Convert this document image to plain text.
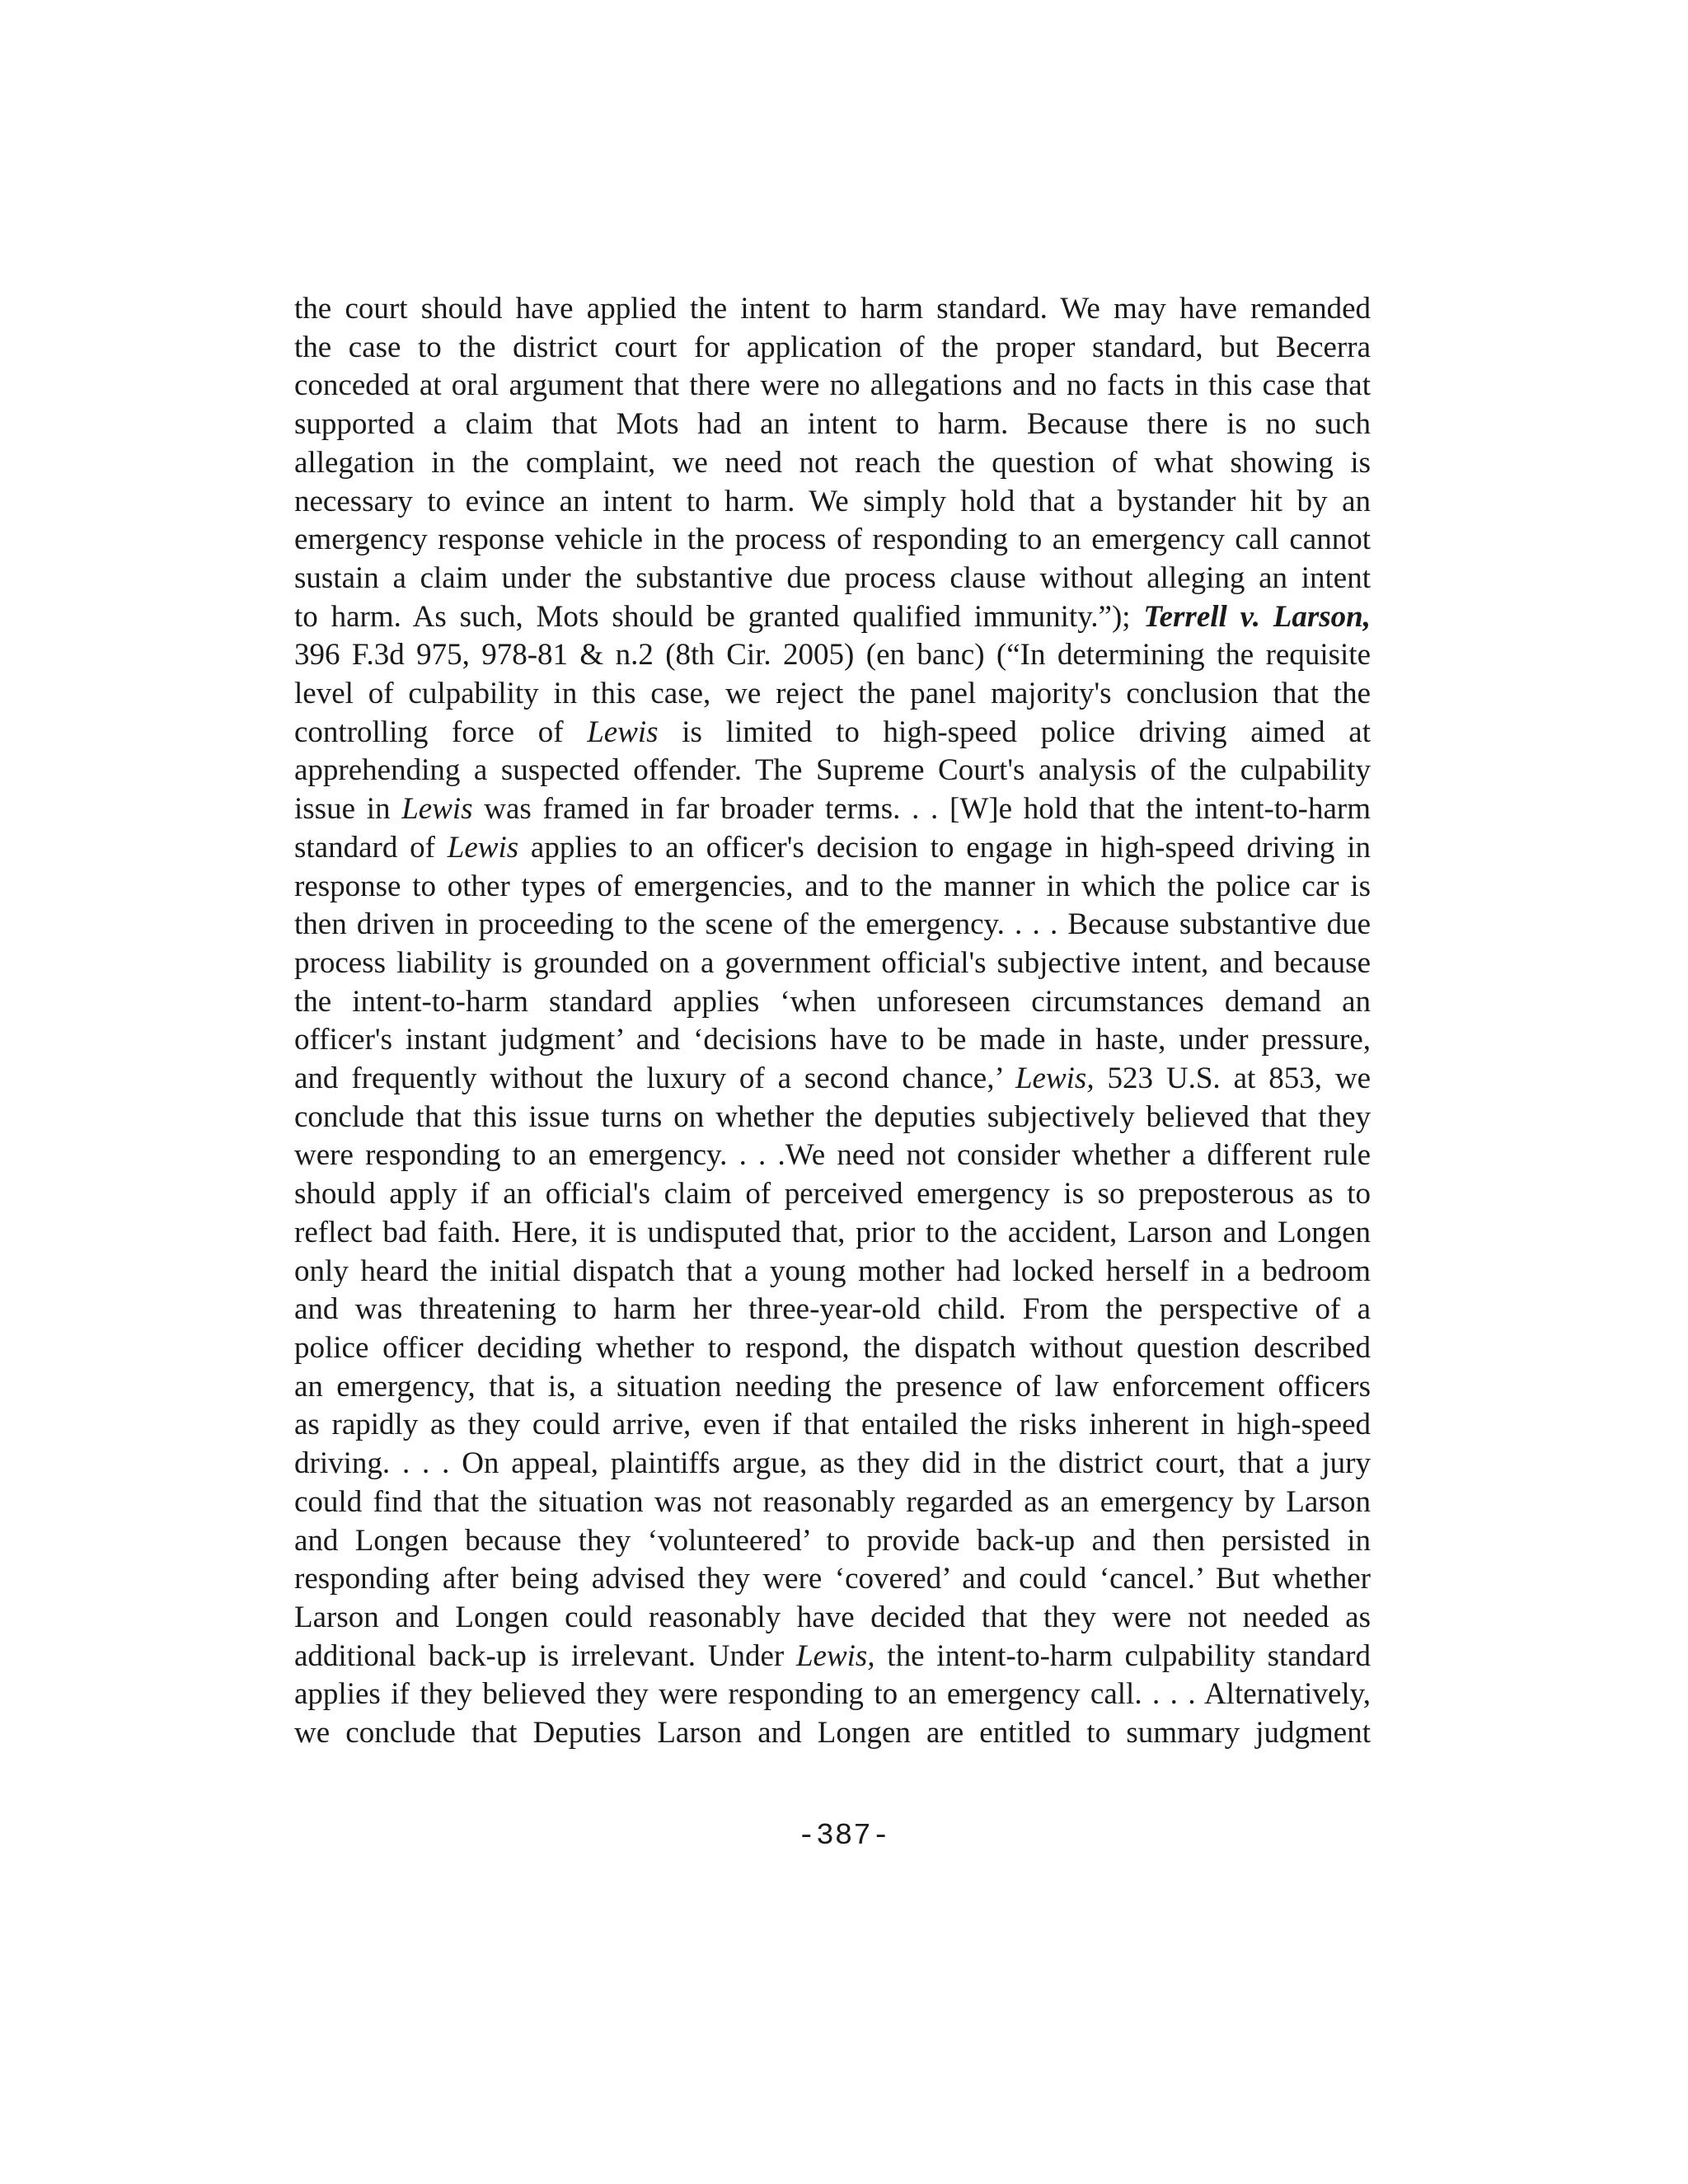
the court should have applied the intent to harm standard. We may have remanded
the case to the district court for application of the proper standard, but Becerra
conceded at oral argument that there were no allegations and no facts in this case that
supported a claim that Mots had an intent to harm. Because there is no such
allegation in the complaint, we need not reach the question of what showing is
necessary to evince an intent to harm. We simply hold that a bystander hit by an
emergency response vehicle in the process of responding to an emergency call cannot
sustain a claim under the substantive due process clause without alleging an intent
to harm. As such, Mots should be granted qualified immunity.”); Terrell v. Larson,
396 F.3d 975, 978-81 & n.2 (8th Cir. 2005) (en banc) (“In determining the requisite
level of culpability in this case, we reject the panel majority's conclusion that the
controlling force of Lewis is limited to high-speed police driving aimed at
apprehending a suspected offender. The Supreme Court's analysis of the culpability
issue in Lewis was framed in far broader terms. . . [W]e hold that the intent-to-harm
standard of Lewis applies to an officer's decision to engage in high-speed driving in
response to other types of emergencies, and to the manner in which the police car is
then driven in proceeding to the scene of the emergency. . . . Because substantive due
process liability is grounded on a government official's subjective intent, and because
the intent-to-harm standard applies ‘when unforeseen circumstances demand an
officer's instant judgment’ and ‘decisions have to be made in haste, under pressure,
and frequently without the luxury of a second chance,’ Lewis, 523 U.S. at 853, we
conclude that this issue turns on whether the deputies subjectively believed that they
were responding to an emergency. . . .We need not consider whether a different rule
should apply if an official's claim of perceived emergency is so preposterous as to
reflect bad faith. Here, it is undisputed that, prior to the accident, Larson and Longen
only heard the initial dispatch that a young mother had locked herself in a bedroom
and was threatening to harm her three-year-old child. From the perspective of a
police officer deciding whether to respond, the dispatch without question described
an emergency, that is, a situation needing the presence of law enforcement officers
as rapidly as they could arrive, even if that entailed the risks inherent in high-speed
driving. . . . On appeal, plaintiffs argue, as they did in the district court, that a jury
could find that the situation was not reasonably regarded as an emergency by Larson
and Longen because they ‘volunteered’ to provide back-up and then persisted in
responding after being advised they were ‘covered’ and could ‘cancel.’ But whether
Larson and Longen could reasonably have decided that they were not needed as
additional back-up is irrelevant. Under Lewis, the intent-to-harm culpability standard
applies if they believed they were responding to an emergency call. . . . Alternatively,
we conclude that Deputies Larson and Longen are entitled to summary judgment
-387-
